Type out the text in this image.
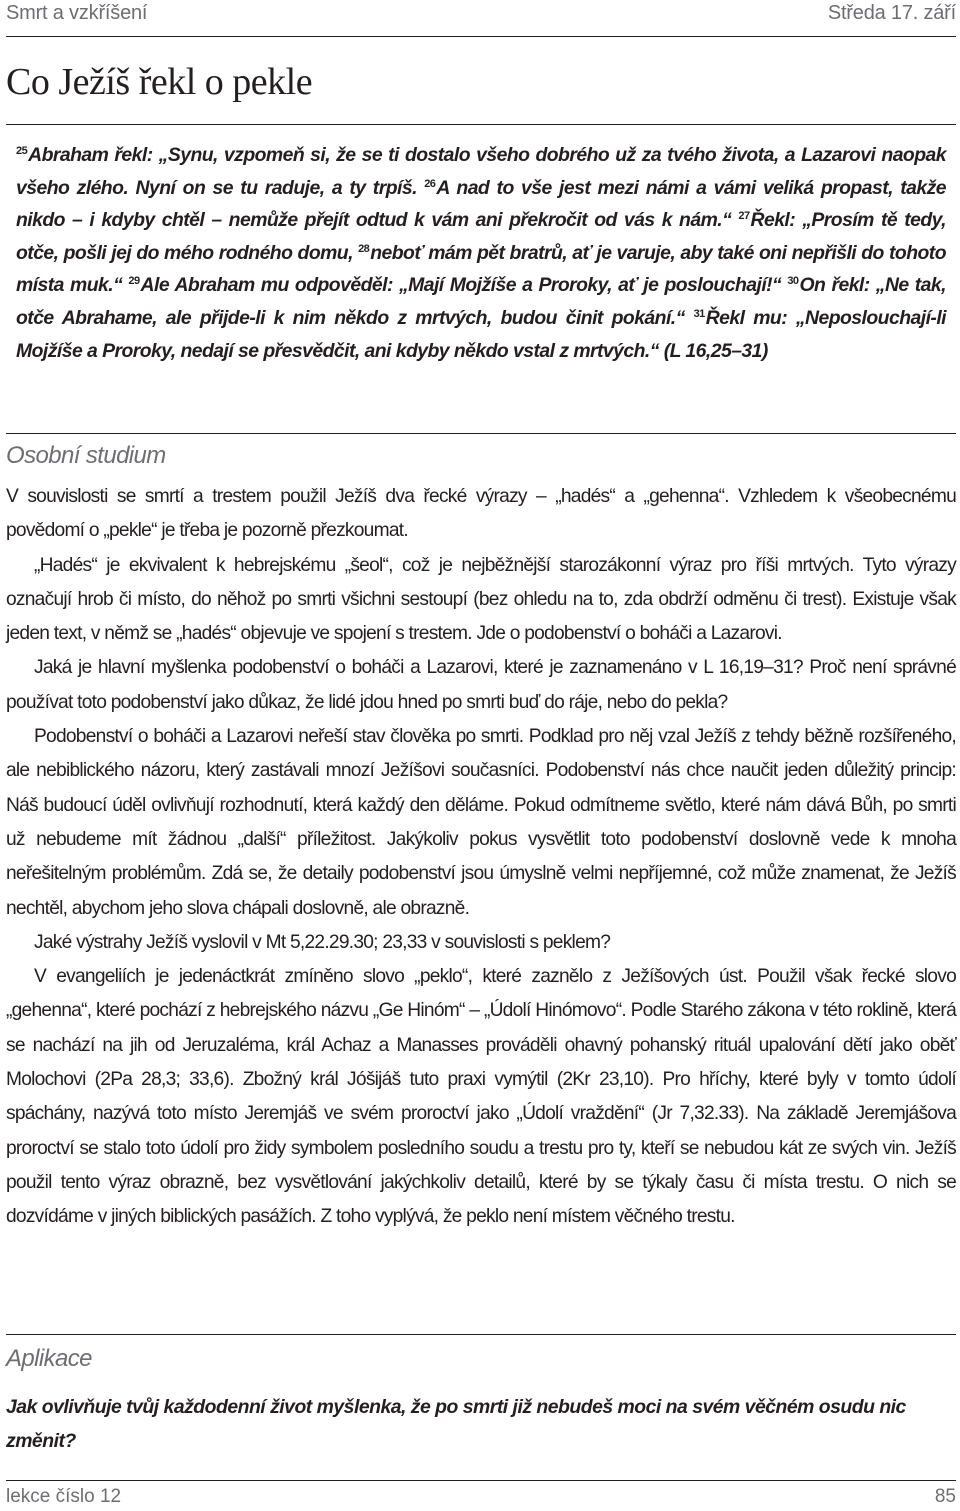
Smrt a vzkříšení	Středa 17. září
Co Ježíš řekl o pekle

$^{25}$Abraham řekl: „Synu, vzpomeň si, že se ti dostalo všeho dobrého už za tvého života, a Lazarovi naopak všeho zlého. Nyní on se tu raduje, a ty trpíš. $^{26}$A nad to vše jest mezi námi a vámi veliká propast, takže nikdo – i kdyby chtěl – nemůže přejít odtud k vám ani překročit od vás k nám.“ $^{27}$Řekl: „Prosím tě tedy, otče, pošli jej do mého rodného domu, $^{28}$neboť mám pět bratrů, ať je varuje, aby také oni nepřišli do tohoto místa muk.“ $^{29}$Ale Abraham mu odpověděl: „Mají Mojžíše a Proroky, ať je poslouchají!“ $^{30}$On řekl: „Ne tak, otče Abrahame, ale přijde-li k nim někdo z mrtvých, budou činit pokání.“ $^{31}$Řekl mu: „Neposlouchají-li Mojžíše a Proroky, nedají se přesvědčit, ani kdyby někdo vstal z mrtvých.“ (L 16,25–31)

Osobní studium

V souvislosti se smrtí a trestem použil Ježíš dva řecké výrazy – „hadés“ a „gehenna“. Vzhledem k všeobecnému povědomí o „pekle“ je třeba je pozorně přezkoumat.

„Hadés“ je ekvivalent k hebrejskému „šeol“, což je nejběžnější starozákonní výraz pro říši mrtvých. Tyto výrazy označují hrob či místo, do něhož po smrti všichni sestoupí (bez ohledu na to, zda obdrží odměnu či trest). Existuje však jeden text, v němž se „hadés“ objevuje ve spojení s trestem. Jde o podobenství o boháči a Lazarovi.

Jaká je hlavní myšlenka podobenství o boháči a Lazarovi, které je zaznamenáno v L 16,19–31? Proč není správné používat toto podobenství jako důkaz, že lidé jdou hned po smrti buď do ráje, nebo do pekla?

Podobenství o boháči a Lazarovi neřeší stav člověka po smrti. Podklad pro něj vzal Ježíš z tehdy běžně rozšířeného, ale nebiblického názoru, který zastávali mnozí Ježíšovi současníci. Podobenství nás chce naučit jeden důležitý princip: Náš budoucí úděl ovlivňují rozhodnutí, která každý den děláme. Pokud odmítneme světlo, které nám dává Bůh, po smrti už nebudeme mít žádnou „další“ příležitost. Jakýkoliv pokus vysvětlit toto podobenství doslovně vede k mnoha neřešitelným problémům. Zdá se, že detaily podobenství jsou úmyslně velmi nepříjemné, což může znamenat, že Ježíš nechtěl, abychom jeho slova chápali doslovně, ale obrazně.

Jaké výstrahy Ježíš vyslovil v Mt 5,22.29.30; 23,33 v souvislosti s peklem?

V evangeliích je jedenáctkrát zmíněno slovo „peklo“, které zaznělo z Ježíšových úst. Použil však řecké slovo „gehenna“, které pochází z hebrejského názvu „Ge Hinóm“ – „Údolí Hinómovo“. Podle Starého zákona v této roklině, která se nachází na jih od Jeruzaléma, král Achaz a Manasses prováděli ohavný pohanský rituál upalování dětí jako oběť Molochovi (2Pa 28,3; 33,6). Zbožný král Jóšijáš tuto praxi vymýtil (2Kr 23,10). Pro hříchy, které byly v tomto údolí spáchány, nazývá toto místo Jeremjáš ve svém proroctví jako „Údolí vraždění“ (Jr 7,32.33). Na základě Jeremjášova proroctví se stalo toto údolí pro židy symbolem posledního soudu a trestu pro ty, kteří se nebudou kát ze svých vin. Ježíš použil tento výraz obrazně, bez vysvětlování jakýchkoliv detailů, které by se týkaly času či místa trestu. O nich se dozvídáme v jiných biblických pasážích. Z toho vyplývá, že peklo není místem věčného trestu.

Aplikace

Jak ovlivňuje tvůj každodenní život myšlenka, že po smrti již nebudeš moci na svém věčném osudu nic změnit?

lekce číslo 12	85
